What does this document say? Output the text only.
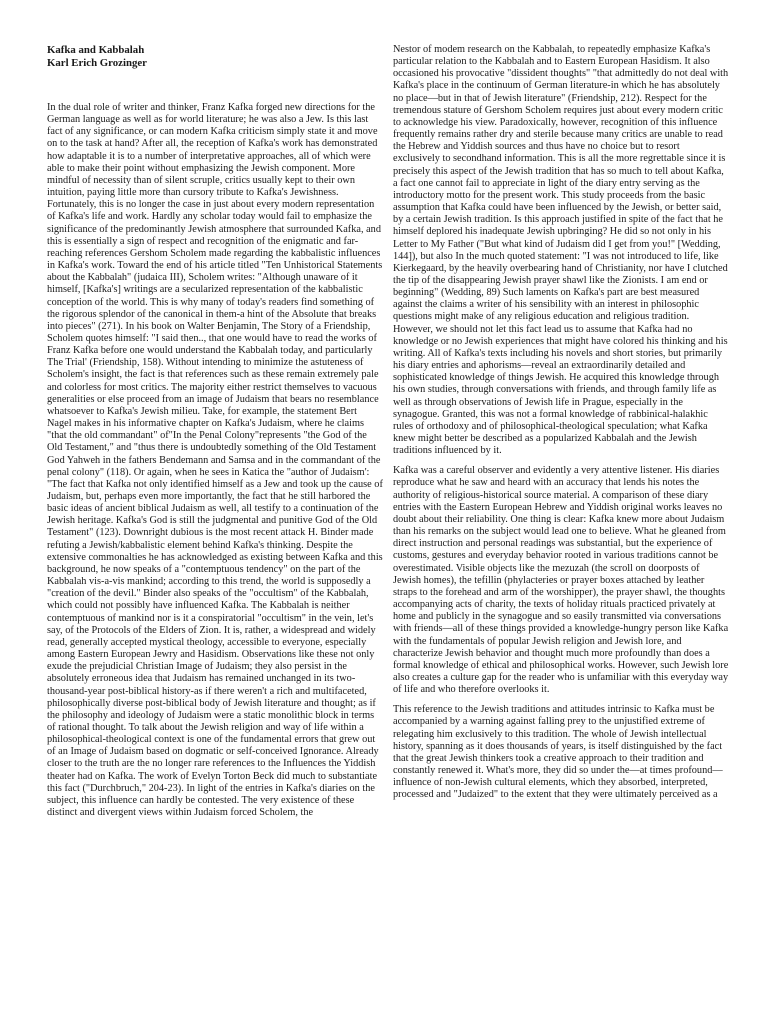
Kafka and Kabbalah
Karl Erich Grozinger

In the dual role of writer and thinker, Franz Kafka forged new directions for the German language as well as for world literature; he was also a Jew. Is this last fact of any significance, or can modern Kafka criticism simply state it and move on to the task at hand? After all, the reception of Kafka's work has demonstrated how adaptable it is to a number of interpretative approaches, all of which were able to make their point without emphasizing the Jewish component. More mindful of necessity than of silent scruple, critics usually kept to their own intuition, paying little more than cursory tribute to Kafka's Jewishness. Fortunately, this is no longer the case in just about every modern representation of Kafka's life and work. Hardly any scholar today would fail to emphasize the significance of the predominantly Jewish atmosphere that surrounded Kafka, and this is essentially a sign of respect and recognition of the enigmatic and far-reaching references Gershom Scholem made regarding the kabbalistic influences in Kafka's work. Toward the end of his article titled "Ten Unhistorical Statements about the Kabbalah" (judaica III), Scholem writes: "Although unaware of it himself, [Kafka's] writings are a secularized representation of the kabbalistic conception of the world. This is why many of today's readers find something of the rigorous splendor of the canonical in them-a hint of the Absolute that breaks into pieces" (271). In his book on Walter Benjamin, The Story of a Friendship, Scholem quotes himself: "I said then.., that one would have to read the works of Franz Kafka before one would understand the Kabbalah today, and particularly The Trial' (Friendship, 158). Without intending to minimize the astuteness of Scholem's insight, the fact is that references such as these remain extremely pale and colorless for most critics. The majority either restrict themselves to vacuous generalities or else proceed from an image of Judaism that bears no resemblance whatsoever to Kafka's Jewish milieu. Take, for example, the statement Bert Nagel makes in his informative chapter on Kafka's Judaism, where he claims "that the old commandant" of"In the Penal Colony"represents "the God of the Old Testament," and "thus there is undoubtedly something of the Old Testament God Yahweh in the fathers Bendemann and Samsa and in the commandant of the penal colony" (118). Or again, when he sees in Katica the "author of Judaism': "The fact that Kafka not only identified himself as a Jew and took up the cause of Judaism, but, perhaps even more importantly, the fact that he still harbored the basic ideas of ancient biblical Judaism as well, all testify to a continuation of the Jewish heritage. Kafka's God is still the judgmental and punitive God of the Old Testament" (123). Downright dubious is the most recent attack H. Binder made refuting a Jewish/kabbalistic element behind Kafka's thinking. Despite the extensive commonalties he has acknowledged as existing between Kafka and this background, he now speaks of a "contemptuous tendency" on the part of the Kabbalah vis-a-vis mankind; according to this trend, the world is supposedly a "creation of the devil." Binder also speaks of the "occultism" of the Kabbalah, which could not possibly have influenced Kafka. The Kabbalah is neither contemptuous of mankind nor is it a conspiratorial "occultism" in the vein, let's say, of the Protocols of the Elders of Zion. It is, rather, a widespread and widely read, generally accepted mystical theology, accessible to everyone, especially among Eastern European Jewry and Hasidism. Observations like these not only exude the prejudicial Christian Image of Judaism; they also persist in the absolutely erroneous idea that Judaism has remained unchanged in its two-thousand-year post-biblical history-as if there weren't a rich and multifaceted, philosophically diverse post-biblical body of Jewish literature and thought; as if the philosophy and ideology of Judaism were a static monolithic block in terms of rational thought. To talk about the Jewish religion and way of life within a philosophical-theological context is one of the fundamental errors that grew out of an Image of Judaism based on dogmatic or self-conceived Ignorance. Already closer to the truth are the no longer rare references to the Influences the Yiddish theater had on Kafka. The work of Evelyn Torton Beck did much to substantiate this fact ("Durchbruch," 204-23). In light of the entries in Kafka's diaries on the subject, this influence can hardly be contested. The very existence of these distinct and divergent views within Judaism forced Scholem, the

Nestor of modem research on the Kabbalah, to repeatedly emphasize Kafka's particular relation to the Kabbalah and to Eastern European Hasidism. It also occasioned his provocative "dissident thoughts" "that admittedly do not deal with Kafka's place in the continuum of German literature-in which he has absolutely no place—but in that of Jewish literature" (Friendship, 212). Respect for the tremendous stature of Gershom Scholem requires just about every modern critic to acknowledge his view. Paradoxically, however, recognition of this influence frequently remains rather dry and sterile because many critics are unable to read the Hebrew and Yiddish sources and thus have no choice but to resort exclusively to secondhand information. This is all the more regrettable since it is precisely this aspect of the Jewish tradition that has so much to tell about Kafka, a fact one cannot fail to appreciate in light of the diary entry serving as the introductory motto for the present work. This study proceeds from the basic assumption that Kafka could have been influenced by the Jewish, or better said, by a certain Jewish tradition. Is this approach justified in spite of the fact that he himself deplored his inadequate Jewish upbringing? He did so not only in his Letter to My Father ("But what kind of Judaism did I get from you!" [Wedding, 144]), but also In the much quoted statement: "I was not introduced to life, like Kierkegaard, by the heavily overbearing hand of Christianity, nor have I clutched the tip of the disappearing Jewish prayer shawl like the Zionists. I am end or beginning" (Wedding, 89) Such laments on Kafka's part are best measured against the claims a writer of his sensibility with an interest in philosophic questions might make of any religious education and religious tradition. However, we should not let this fact lead us to assume that Kafka had no knowledge or no Jewish experiences that might have colored his thinking and his writing. All of Kafka's texts including his novels and short stories, but primarily his diary entries and aphorisms—reveal an extraordinarily detailed and sophisticated knowledge of things Jewish. He acquired this knowledge through his own studies, through conversations with friends, and through family life as well as through observations of Jewish life in Prague, especially in the synagogue. Granted, this was not a formal knowledge of rabbinical-halakhic rules of orthodoxy and of philosophical-theological speculation; what Kafka knew might better be described as a popularized Kabbalah and the Jewish traditions influenced by it.

Kafka was a careful observer and evidently a very attentive listener. His diaries reproduce what he saw and heard with an accuracy that lends his notes the authority of religious-historical source material. A comparison of these diary entries with the Eastern European Hebrew and Yiddish original works leaves no doubt about their reliability. One thing is clear: Kafka knew more about Judaism than his remarks on the subject would lead one to believe. What he gleaned from direct instruction and personal readings was substantial, but the experience of customs, gestures and everyday behavior rooted in various traditions cannot be overestimated. Visible objects like the mezuzah (the scroll on doorposts of Jewish homes), the tefillin (phylacteries or prayer boxes attached by leather straps to the forehead and arm of the worshipper), the prayer shawl, the thoughts accompanying acts of charity, the texts of holiday rituals practiced privately at home and publicly in the synagogue and so easily transmitted via conversations with friends—all of these things provided a knowledge-hungry person like Kafka with the fundamentals of popular Jewish religion and Jewish lore, and characterize Jewish behavior and thought much more profoundly than does a formal knowledge of ethical and philosophical works. However, such Jewish lore also creates a culture gap for the reader who is unfamiliar with this everyday way of life and who therefore overlooks it.

This reference to the Jewish traditions and attitudes intrinsic to Kafka must be accompanied by a warning against falling prey to the unjustified extreme of relegating him exclusively to this tradition. The whole of Jewish intellectual history, spanning as it does thousands of years, is itself distinguished by the fact that the great Jewish thinkers took a creative approach to their tradition and constantly renewed it. What's more, they did so under the—at times profound—influence of non-Jewish cultural elements, which they absorbed, interpreted, processed and "Judaized" to the extent that they were ultimately perceived as a
